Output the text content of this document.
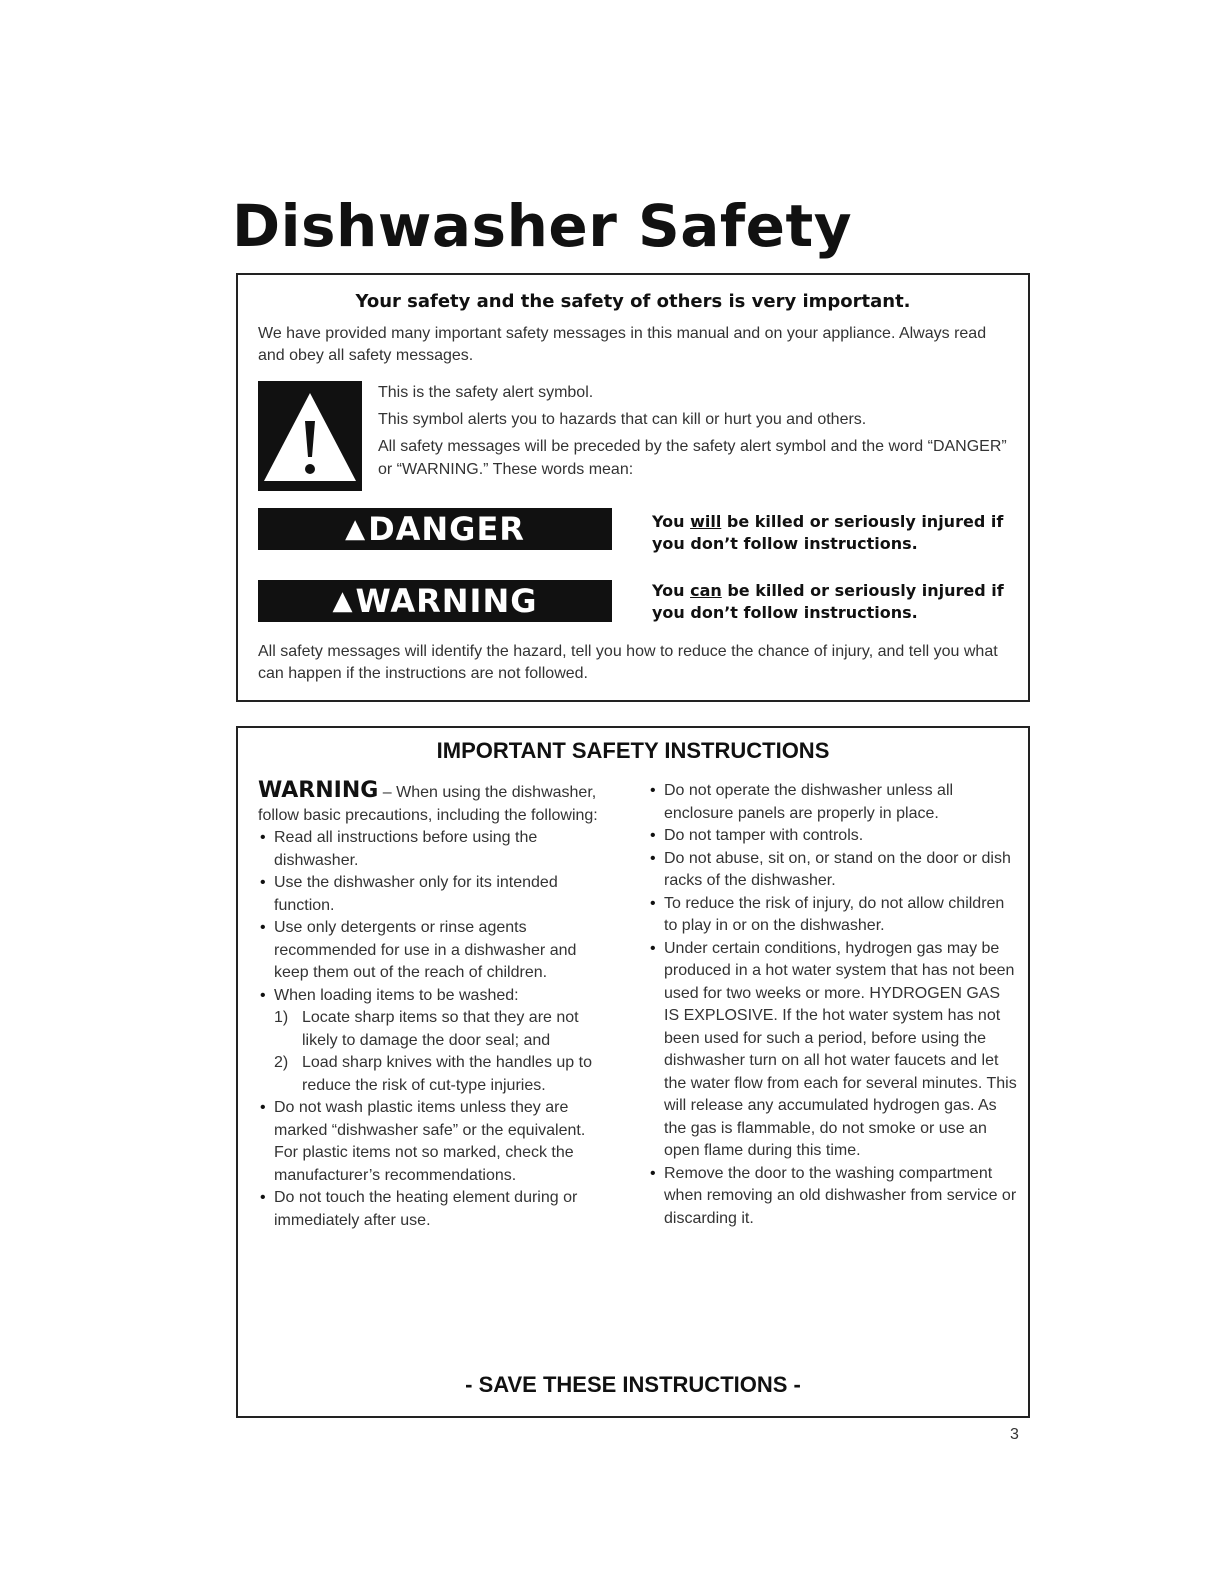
Dishwasher Safety
Your safety and the safety of others is very important.
We have provided many important safety messages in this manual and on your appliance. Always read and obey all safety messages.

This is the safety alert symbol.

This symbol alerts you to hazards that can kill or hurt you and others.

All safety messages will be preceded by the safety alert symbol and the word “DANGER” or “WARNING.” These words mean:

▲ DANGER	You will be killed or seriously injured if you don’t follow instructions.
▲ WARNING	You can be killed or seriously injured if you don’t follow instructions.
All safety messages will identify the hazard, tell you how to reduce the chance of injury, and tell you what can happen if the instructions are not followed.
IMPORTANT SAFETY INSTRUCTIONS

WARNING – When using the dishwasher, follow basic precautions, including the following:

• Read all instructions before using the dishwasher.

• Use the dishwasher only for its intended function.

• Use only detergents or rinse agents recommended for use in a dishwasher and keep them out of the reach of children.

• When loading items to be washed:

1) Locate sharp items so that they are not likely to damage the door seal; and

2) Load sharp knives with the handles up to reduce the risk of cut-type injuries.

• Do not wash plastic items unless they are marked “dishwasher safe” or the equivalent. For plastic items not so marked, check the manufacturer’s recommendations.

• Do not touch the heating element during or immediately after use.

• Do not operate the dishwasher unless all enclosure panels are properly in place.

• Do not tamper with controls.

• Do not abuse, sit on, or stand on the door or dish racks of the dishwasher.

• To reduce the risk of injury, do not allow children to play in or on the dishwasher.

• Under certain conditions, hydrogen gas may be produced in a hot water system that has not been used for two weeks or more. HYDROGEN GAS IS EXPLOSIVE. If the hot water system has not been used for such a period, before using the dishwasher turn on all hot water faucets and let the water flow from each for several minutes. This will release any accumulated hydrogen gas. As the gas is flammable, do not smoke or use an open flame during this time.

• Remove the door to the washing compartment when removing an old dishwasher from service or discarding it.

- SAVE THESE INSTRUCTIONS -
3
